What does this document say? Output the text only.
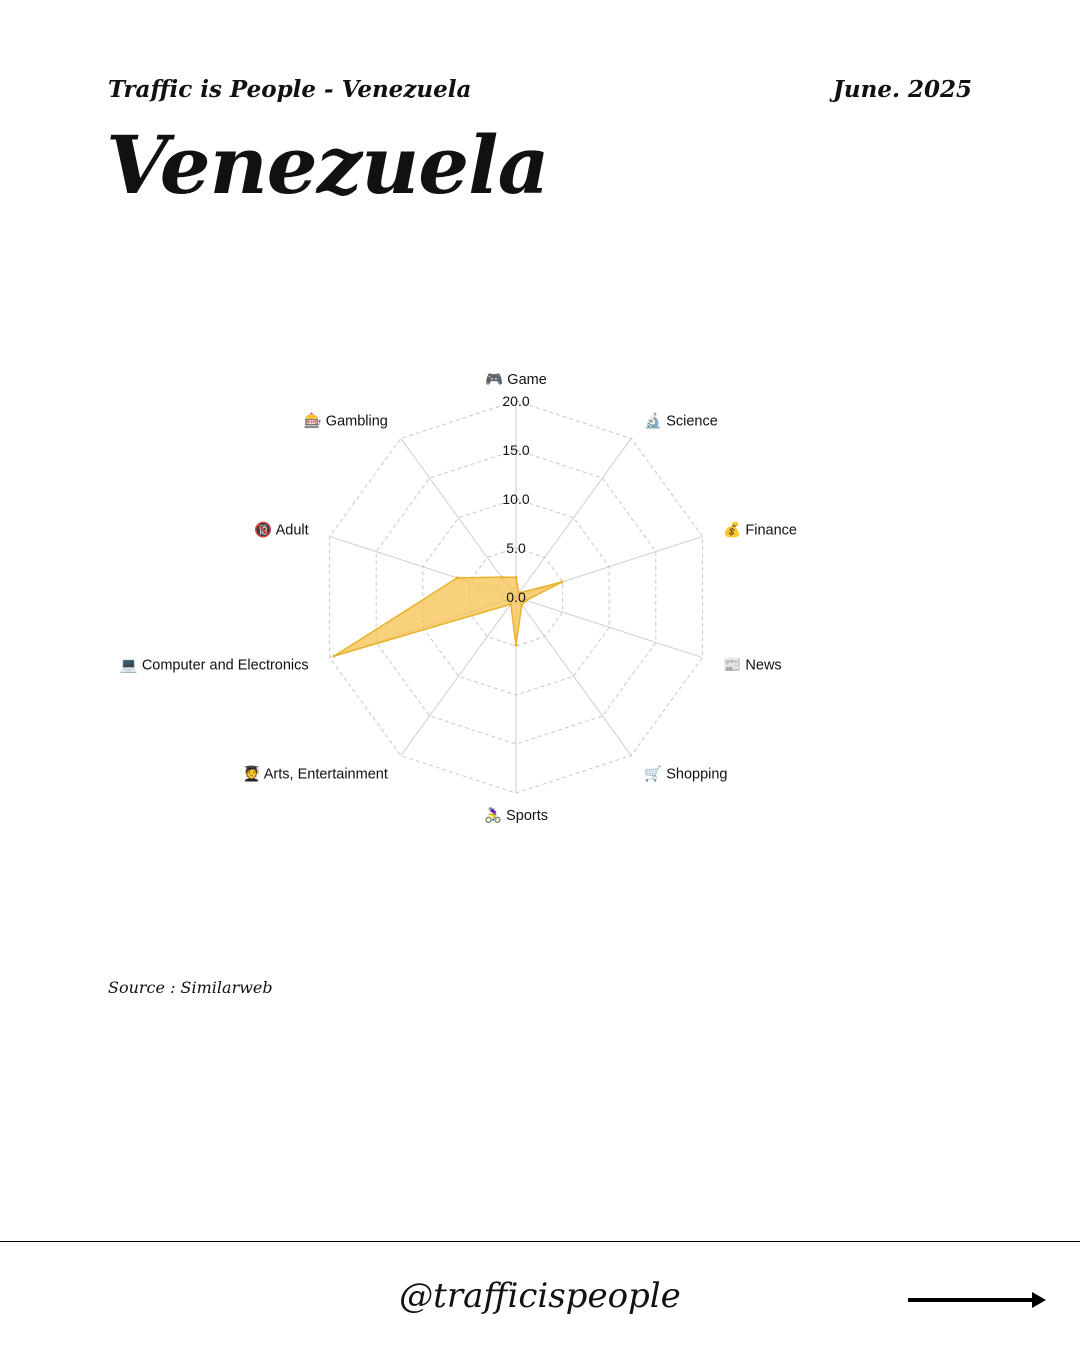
Traffic is People - Venezuela	June. 2025
Venezuela
0.0
5.0
10.0
15.0
20.0
🎮 Game
🔬 Science
💰 Finance
📰 News
🛒 Shopping
🚴‍♀️ Sports
🧑‍🎓 Arts, Entertainment
💻 Computer and Electronics
🔞 Adult
🎰 Gambling
Source : Similarweb
@trafficispeople
